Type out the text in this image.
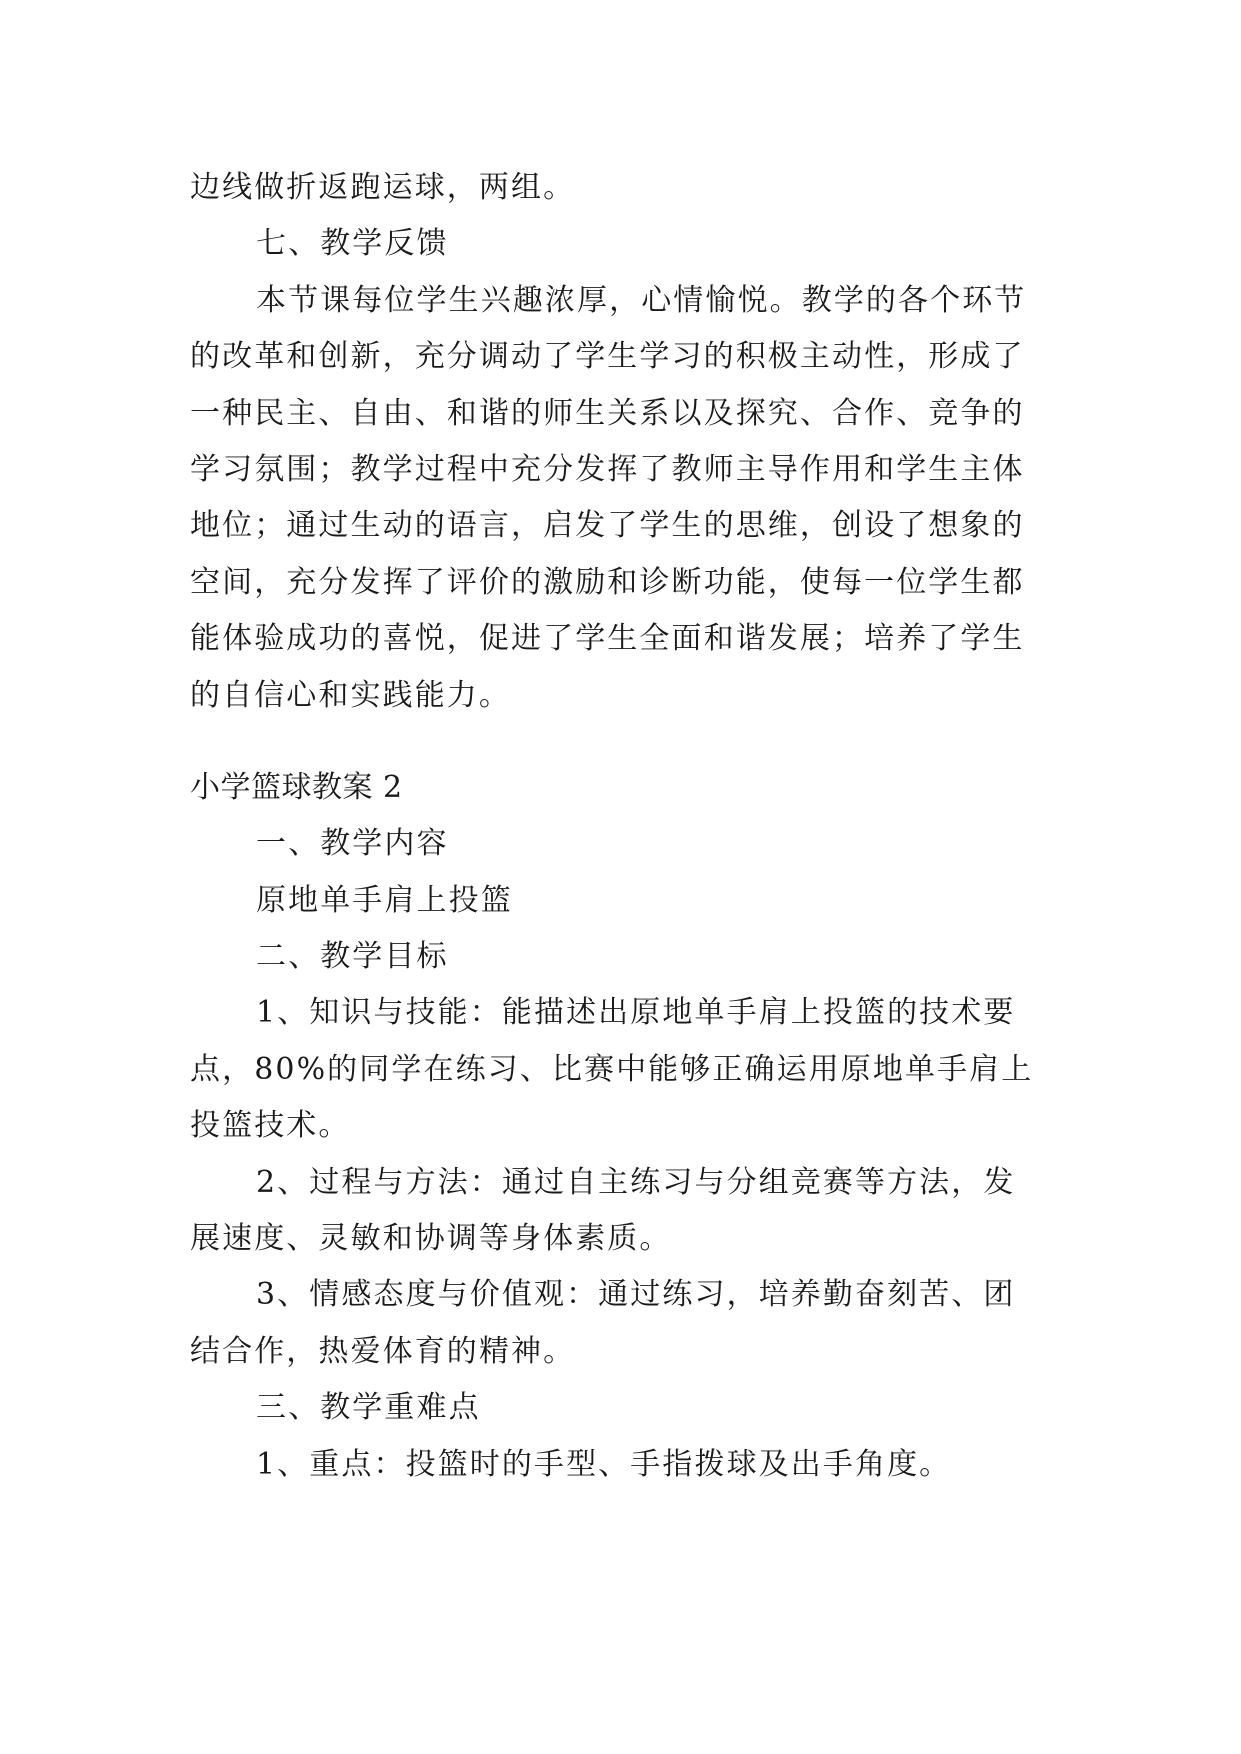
边线做折返跑运球，两组。
七、教学反馈
本节课每位学生兴趣浓厚，心情愉悦。教学的各个环节
的改革和创新，充分调动了学生学习的积极主动性，形成了
一种民主、自由、和谐的师生关系以及探究、合作、竞争的
学习氛围；教学过程中充分发挥了教师主导作用和学生主体
地位；通过生动的语言，启发了学生的思维，创设了想象的
空间，充分发挥了评价的激励和诊断功能，使每一位学生都
能体验成功的喜悦，促进了学生全面和谐发展；培养了学生
的自信心和实践能力。
小学篮球教案 2
一、教学内容
原地单手肩上投篮
二、教学目标
1、知识与技能：能描述出原地单手肩上投篮的技术要
点，80%的同学在练习、比赛中能够正确运用原地单手肩上
投篮技术。
2、过程与方法：通过自主练习与分组竞赛等方法，发
展速度、灵敏和协调等身体素质。
3、情感态度与价值观：通过练习，培养勤奋刻苦、团
结合作，热爱体育的精神。
三、教学重难点
1、重点：投篮时的手型、手指拨球及出手角度。
